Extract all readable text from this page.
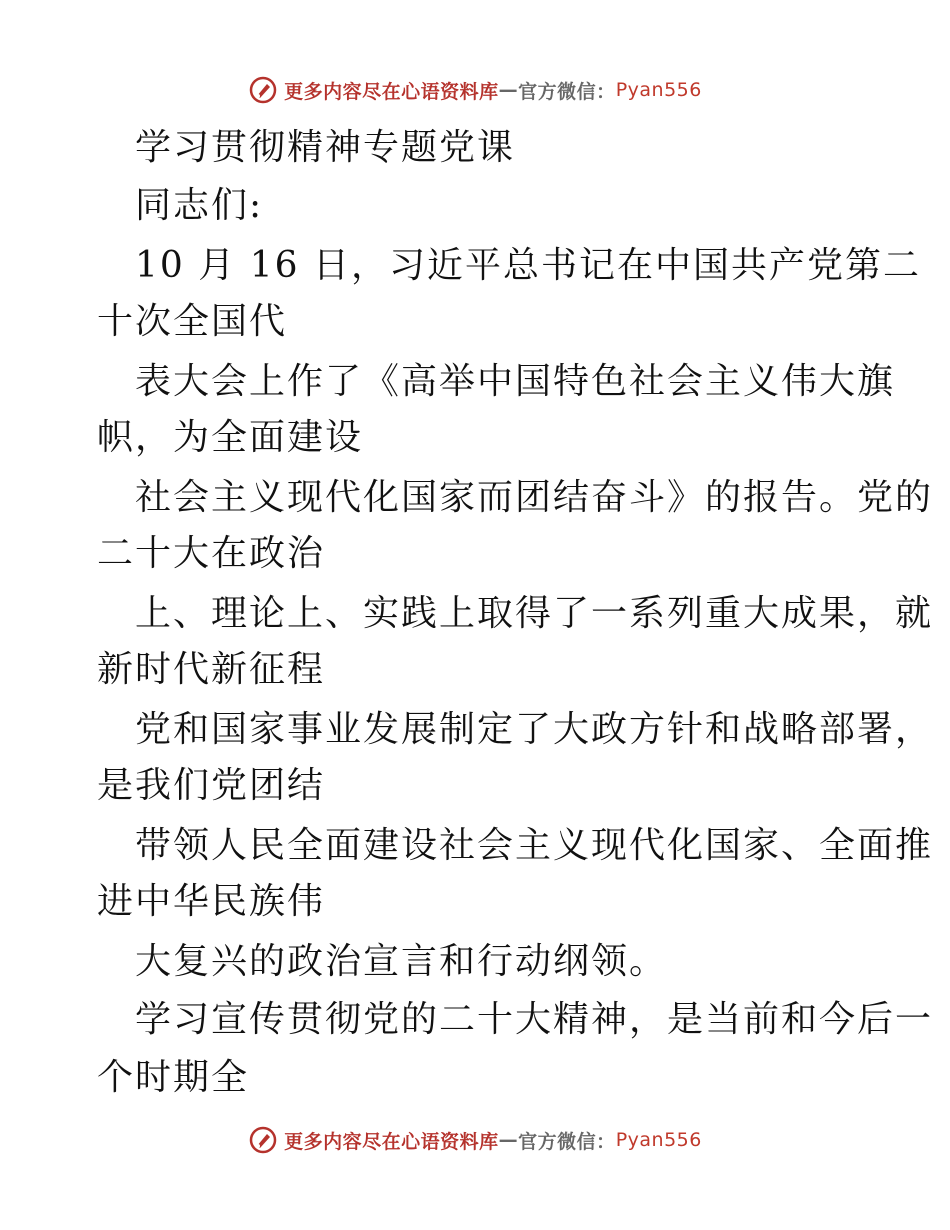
更多内容尽在心语资料库 — 官方微信： Pyan556
学习贯彻精神专题党课
同志们:
10 月 16 日，习近平总书记在中国共产党第二
十次全国代
表大会上作了《高举中国特色社会主义伟大旗
帜，为全面建设
社会主义现代化国家而团结奋斗》的报告。党的
二十大在政治
上、理论上、实践上取得了一系列重大成果，就
新时代新征程
党和国家事业发展制定了大政方针和战略部署，
是我们党团结
带领人民全面建设社会主义现代化国家、全面推
进中华民族伟
大复兴的政治宣言和行动纲领。
学习宣传贯彻党的二十大精神，是当前和今后一
个时期全
更多内容尽在心语资料库 — 官方微信： Pyan556
